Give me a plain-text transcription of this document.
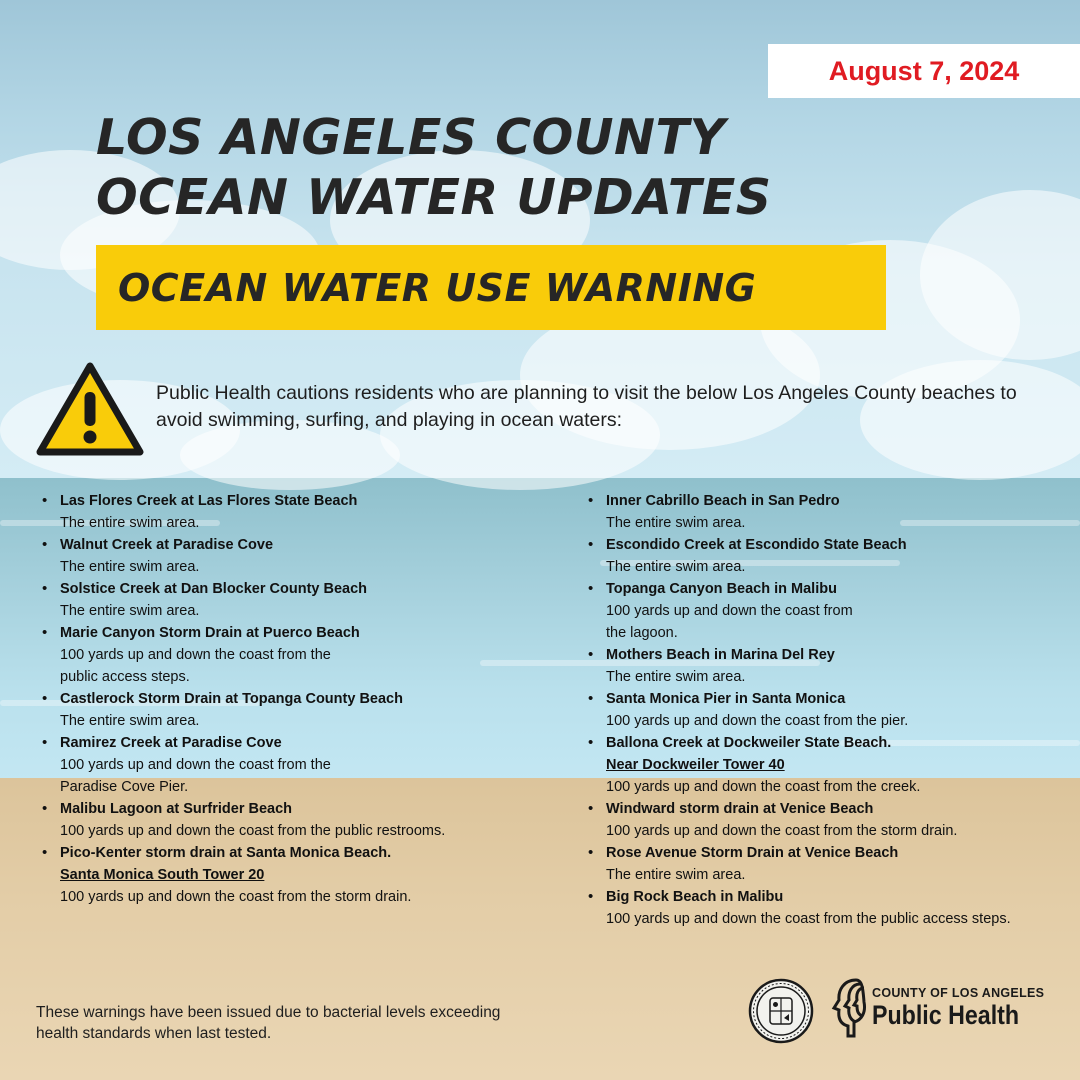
August 7, 2024
LOS ANGELES COUNTY
OCEAN WATER UPDATES
OCEAN WATER USE WARNING

Public Health cautions residents who are planning to visit the below Los Angeles County beaches to avoid swimming, surfing, and playing in ocean waters:

• Las Flores Creek at Las Flores State Beach
The entire swim area.
• Walnut Creek at Paradise Cove
The entire swim area.
• Solstice Creek at Dan Blocker County Beach
The entire swim area.
• Marie Canyon Storm Drain at Puerco Beach
100 yards up and down the coast from the
public access steps.
• Castlerock Storm Drain at Topanga County Beach
The entire swim area.
• Ramirez Creek at Paradise Cove
100 yards up and down the coast from the
Paradise Cove Pier.
• Malibu Lagoon at Surfrider Beach
100 yards up and down the coast from the public restrooms.
• Pico-Kenter storm drain at Santa Monica Beach.
Santa Monica South Tower 20
100 yards up and down the coast from the storm drain.
• Inner Cabrillo Beach in San Pedro
The entire swim area.
• Escondido Creek at Escondido State Beach
The entire swim area.
• Topanga Canyon Beach in Malibu
100 yards up and down the coast from
the lagoon.
• Mothers Beach in Marina Del Rey
The entire swim area.
• Santa Monica Pier in Santa Monica
100 yards up and down the coast from the pier.
• Ballona Creek at Dockweiler State Beach.
Near Dockweiler Tower 40
100 yards up and down the coast from the creek.
• Windward storm drain at Venice Beach
100 yards up and down the coast from the storm drain.
• Rose Avenue Storm Drain at Venice Beach
The entire swim area.
• Big Rock Beach in Malibu
100 yards up and down the coast from the public access steps.

These warnings have been issued due to bacterial levels exceeding health standards when last tested.

COUNTY OF LOS ANGELES
Public Health
